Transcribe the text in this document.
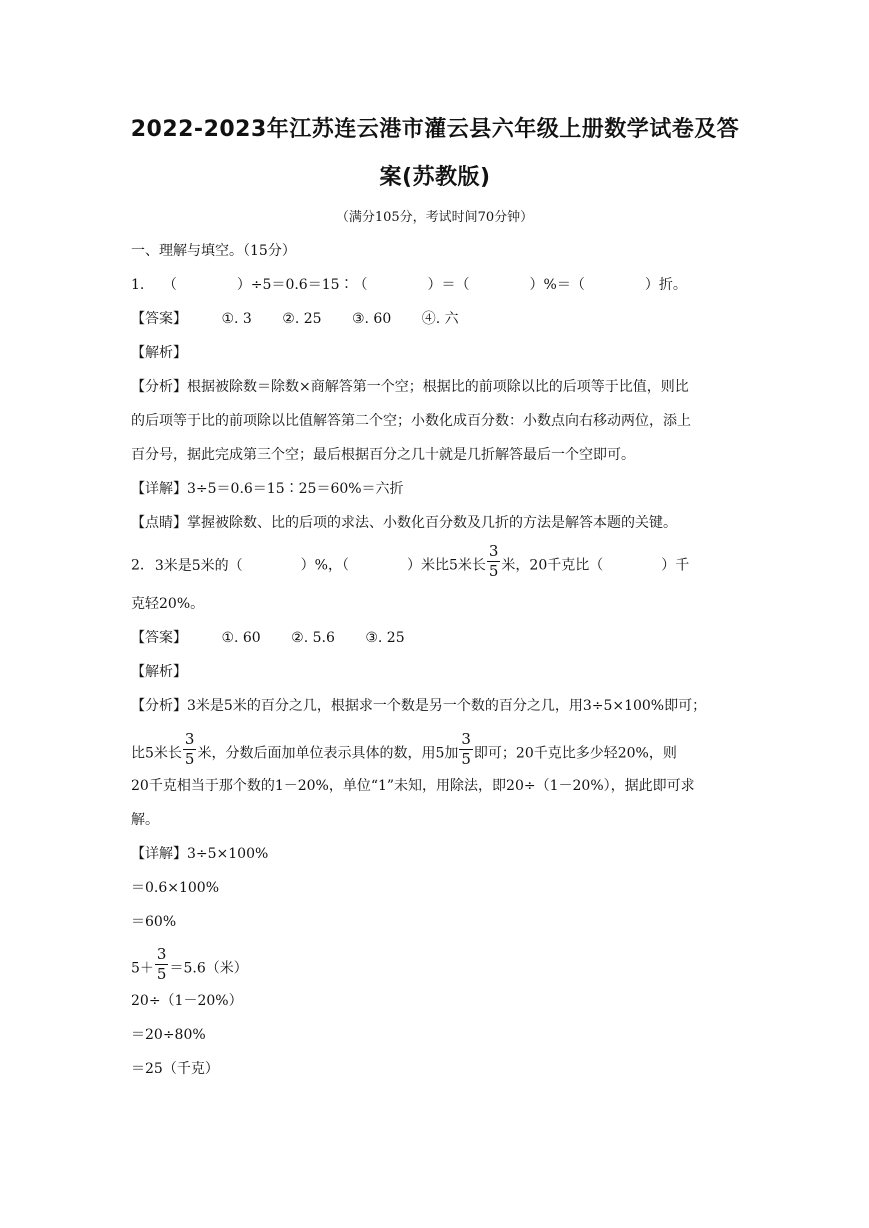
2022-2023年江苏连云港市灌云县六年级上册数学试卷及答
案(苏教版)
（满分105分，考试时间70分钟）
一、理解与填空。（15分）
1. （	）÷5＝0.6＝15∶（	）＝（	）%＝（	）折。
【答案】 ①. 3 ②. 25 ③. 60 ④. 六
【解析】
【分析】根据被除数＝除数×商解答第一个空；根据比的前项除以比的后项等于比值，则比
的后项等于比的前项除以比值解答第二个空；小数化成百分数：小数点向右移动两位，添上
百分号，据此完成第三个空；最后根据百分之几十就是几折解答最后一个空即可。
【详解】3÷5＝0.6＝15∶25＝60%＝六折
【点睛】掌握被除数、比的后项的求法、小数化百分数及几折的方法是解答本题的关键。
2. 3米是5米的（	）%，（	）米比5米长 $\frac{3}{5}$ 米，20千克比（	）千
克轻20%。
【答案】 ①. 60 ②. 5.6 ③. 25
【解析】
【分析】3米是5米的百分之几，根据求一个数是另一个数的百分之几，用3÷5×100%即可；
比5米长 $\frac{3}{5}$ 米，分数后面加单位表示具体的数，用5加 $\frac{3}{5}$ 即可；20千克比多少轻20%，则
20千克相当于那个数的1－20%，单位“1”未知，用除法，即20÷（1－20%），据此即可求
解。
【详解】3÷5×100%
＝0.6×100%
＝60%
$5+ \frac{3}{5} =5.6$（米）
20÷（1－20%）
＝20÷80%
＝25（千克）
